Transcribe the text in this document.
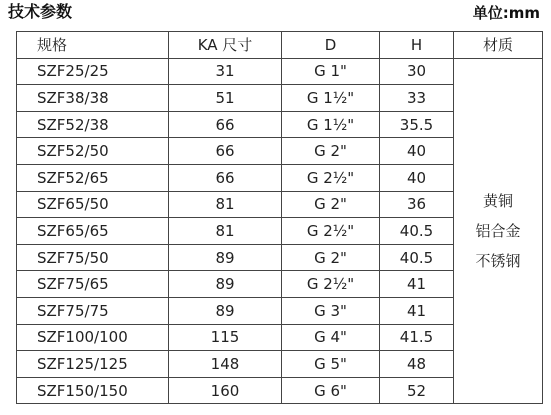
技术参数	单位:mm
规格	KA 尺寸	D	H	材质
SZF25/25	31	G 1"	30	黄铜
铝合金
不锈钢

SZF38/38	51	G 1½"	33	
SZF52/38	66	G 1½"	35.5	
SZF52/50	66	G 2"	40	
SZF52/65	66	G 2½"	40	
SZF65/50	81	G 2"	36	
SZF65/65	81	G 2½"	40.5	
SZF75/50	89	G 2"	40.5	
SZF75/65	89	G 2½"	41	
SZF75/75	89	G 3"	41	
SZF100/100	115	G 4"	41.5	
SZF125/125	148	G 5"	48	
SZF150/150	160	G 6"	52	
